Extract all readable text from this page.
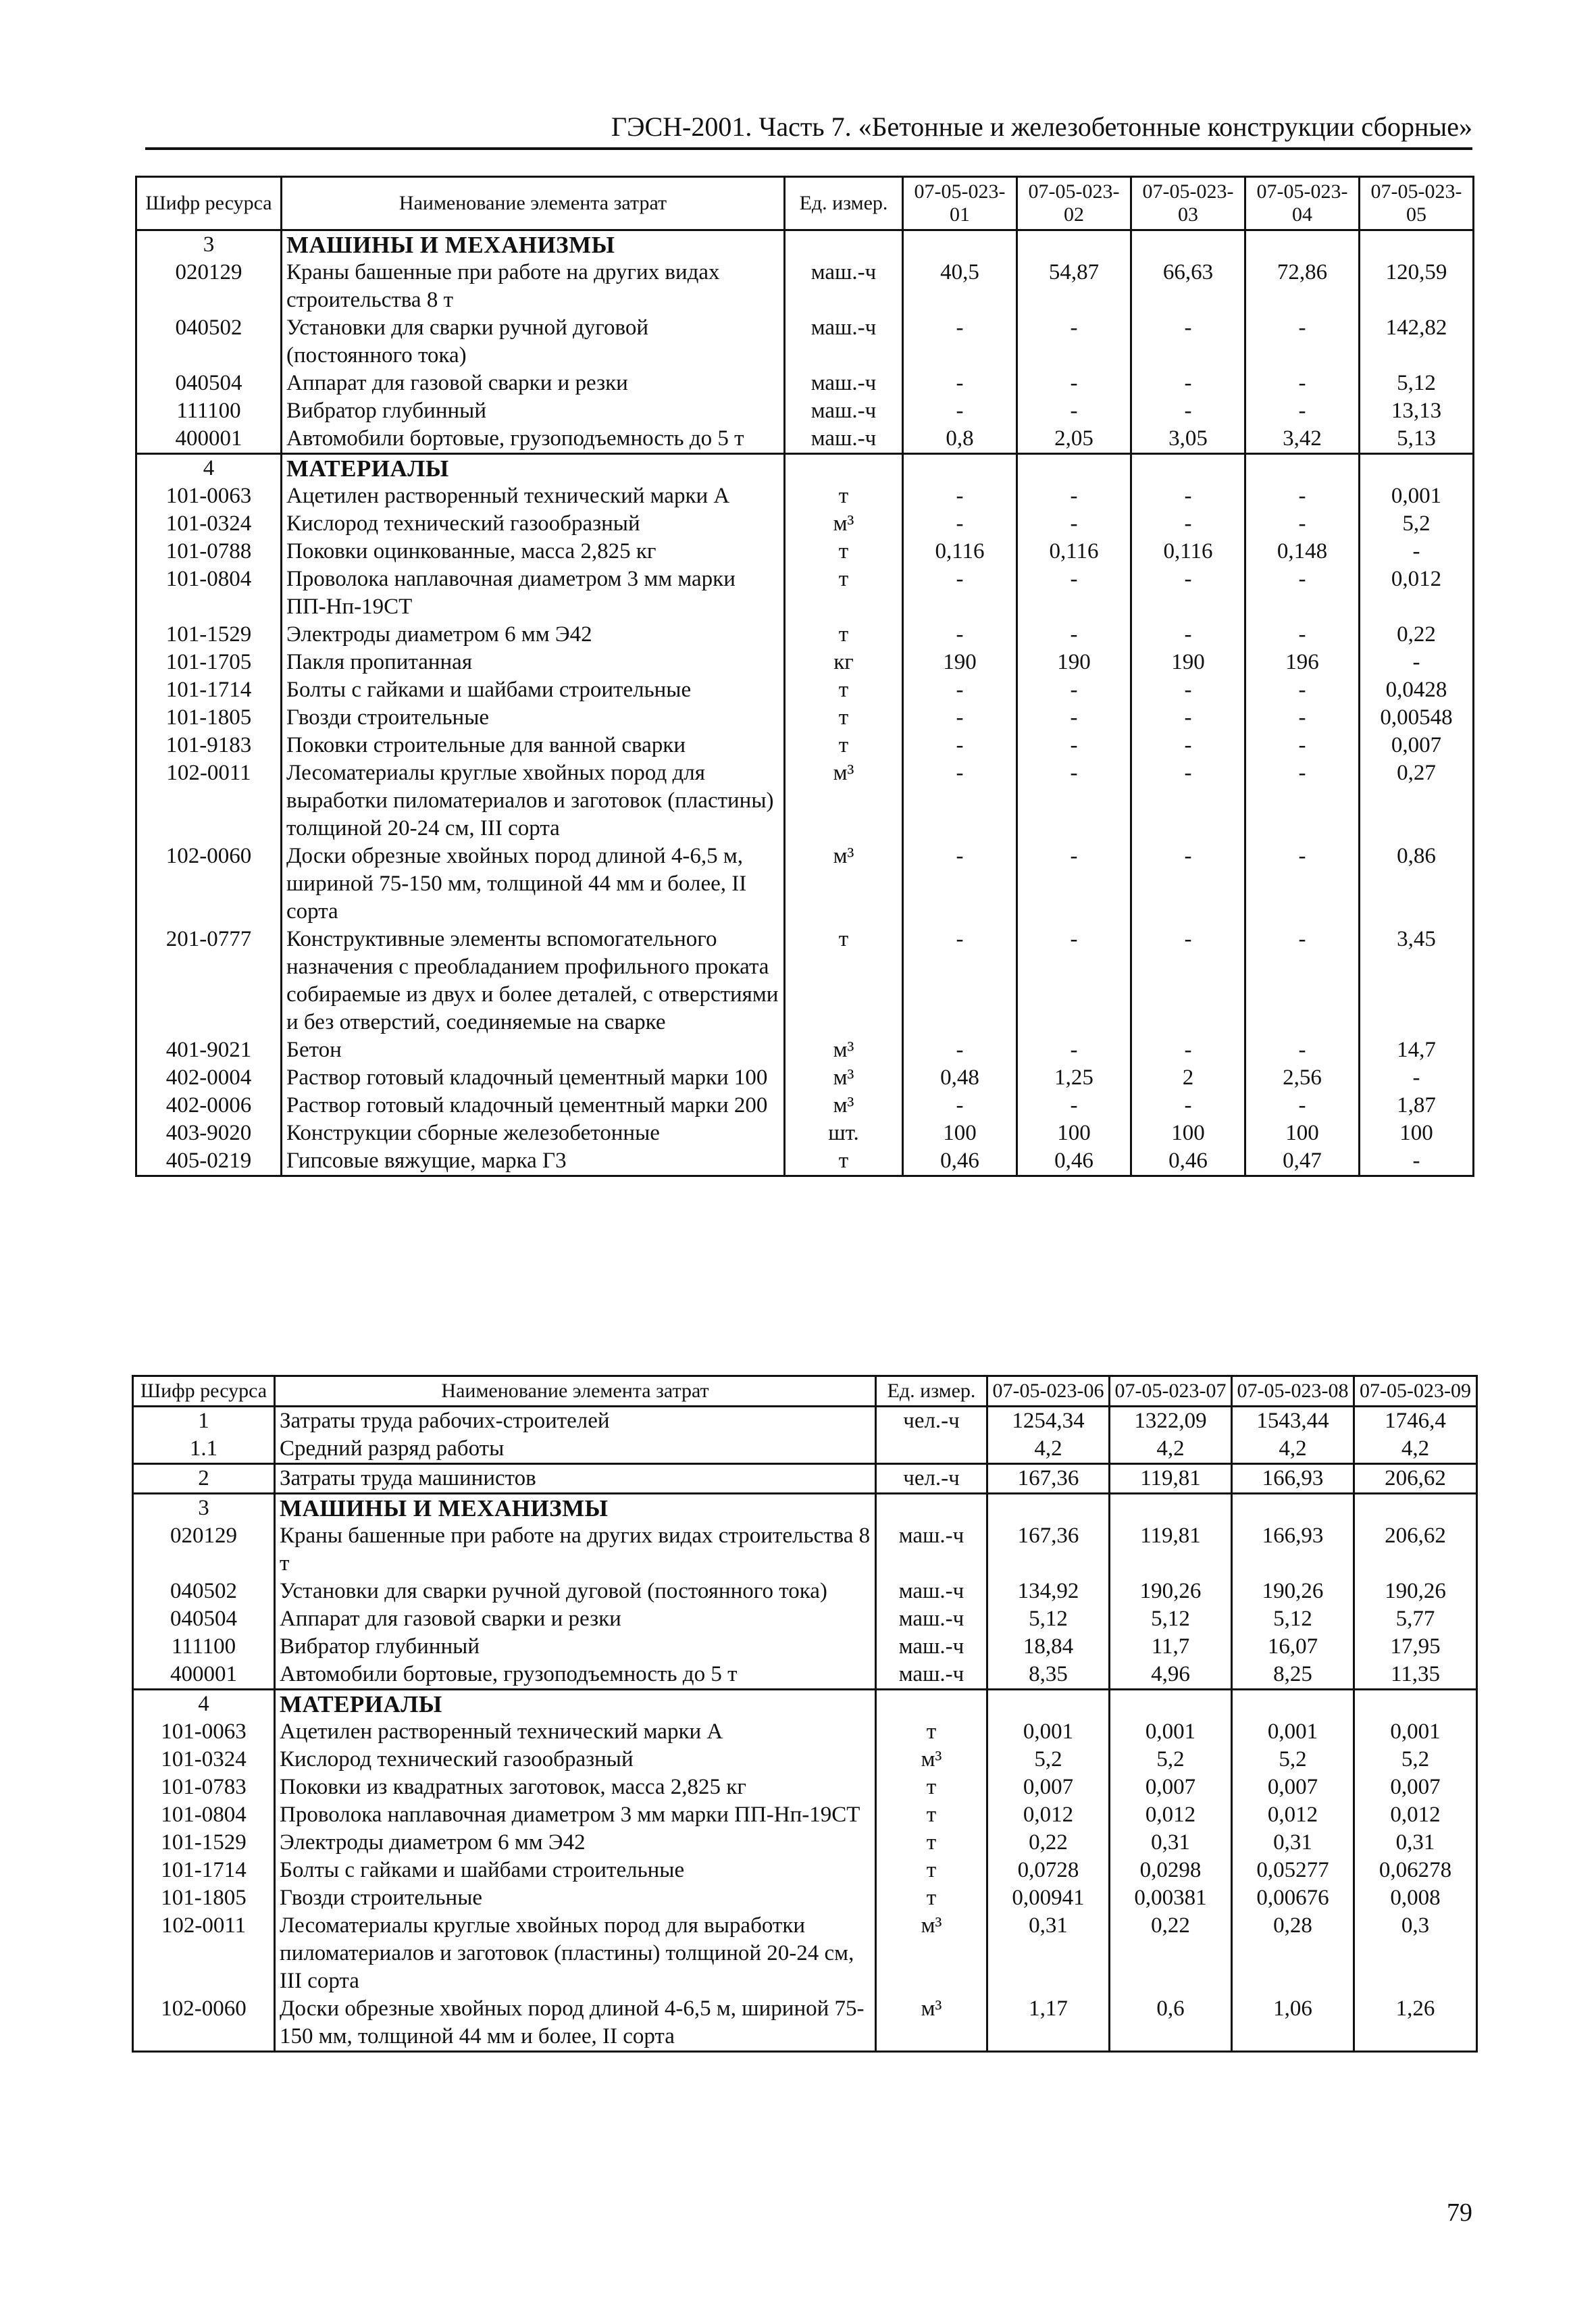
ГЭСН-2001. Часть 7. «Бетонные и железобетонные конструкции сборные»
Шифр ресурса	Наименование элемента затрат	Ед. измер.	07-05-023-01	07-05-023-02	07-05-023-03	07-05-023-04	07-05-023-05
3	МАШИНЫ И МЕХАНИЗМЫ						
020129	Краны башенные при работе на других видах строительства 8 т	маш.-ч	40,5	54,87	66,63	72,86	120,59
040502	Установки для сварки ручной дуговой (постоянного тока)	маш.-ч	-	-	-	-	142,82
040504	Аппарат для газовой сварки и резки	маш.-ч	-	-	-	-	5,12
111100	Вибратор глубинный	маш.-ч	-	-	-	-	13,13
400001	Автомобили бортовые, грузоподъемность до 5 т	маш.-ч	0,8	2,05	3,05	3,42	5,13
4	МАТЕРИАЛЫ						
101-0063	Ацетилен растворенный технический марки А	т	-	-	-	-	0,001
101-0324	Кислород технический газообразный	м³	-	-	-	-	5,2
101-0788	Поковки оцинкованные, масса 2,825 кг	т	0,116	0,116	0,116	0,148	-
101-0804	Проволока наплавочная диаметром 3 мм марки ПП-Нп-19СТ	т	-	-	-	-	0,012
101-1529	Электроды диаметром 6 мм Э42	т	-	-	-	-	0,22
101-1705	Пакля пропитанная	кг	190	190	190	196	-
101-1714	Болты с гайками и шайбами строительные	т	-	-	-	-	0,0428
101-1805	Гвозди строительные	т	-	-	-	-	0,00548
101-9183	Поковки строительные для ванной сварки	т	-	-	-	-	0,007
102-0011	Лесоматериалы круглые хвойных пород для выработки пиломатериалов и заготовок (пластины) толщиной 20-24 см, III сорта	м³	-	-	-	-	0,27
102-0060	Доски обрезные хвойных пород длиной 4-6,5 м, шириной 75-150 мм, толщиной 44 мм и более, II сорта	м³	-	-	-	-	0,86
201-0777	Конструктивные элементы вспомогательного назначения с преобладанием профильного проката собираемые из двух и более деталей, с отверстиями и без отверстий, соединяемые на сварке	т	-	-	-	-	3,45
401-9021	Бетон	м³	-	-	-	-	14,7
402-0004	Раствор готовый кладочный цементный марки 100	м³	0,48	1,25	2	2,56	-
402-0006	Раствор готовый кладочный цементный марки 200	м³	-	-	-	-	1,87
403-9020	Конструкции сборные железобетонные	шт.	100	100	100	100	100
405-0219	Гипсовые вяжущие, марка Г3	т	0,46	0,46	0,46	0,47	-
Шифр ресурса	Наименование элемента затрат	Ед. измер.	07-05-023-06	07-05-023-07	07-05-023-08	07-05-023-09
1	Затраты труда рабочих-строителей	чел.-ч	1254,34	1322,09	1543,44	1746,4
1.1	Средний разряд работы		4,2	4,2	4,2	4,2
2	Затраты труда машинистов	чел.-ч	167,36	119,81	166,93	206,62
3	МАШИНЫ И МЕХАНИЗМЫ					
020129	Краны башенные при работе на других видах строительства 8 т	маш.-ч	167,36	119,81	166,93	206,62
040502	Установки для сварки ручной дуговой (постоянного тока)	маш.-ч	134,92	190,26	190,26	190,26
040504	Аппарат для газовой сварки и резки	маш.-ч	5,12	5,12	5,12	5,77
111100	Вибратор глубинный	маш.-ч	18,84	11,7	16,07	17,95
400001	Автомобили бортовые, грузоподъемность до 5 т	маш.-ч	8,35	4,96	8,25	11,35
4	МАТЕРИАЛЫ					
101-0063	Ацетилен растворенный технический марки А	т	0,001	0,001	0,001	0,001
101-0324	Кислород технический газообразный	м³	5,2	5,2	5,2	5,2
101-0783	Поковки из квадратных заготовок, масса 2,825 кг	т	0,007	0,007	0,007	0,007
101-0804	Проволока наплавочная диаметром 3 мм марки ПП-Нп-19СТ	т	0,012	0,012	0,012	0,012
101-1529	Электроды диаметром 6 мм Э42	т	0,22	0,31	0,31	0,31
101-1714	Болты с гайками и шайбами строительные	т	0,0728	0,0298	0,05277	0,06278
101-1805	Гвозди строительные	т	0,00941	0,00381	0,00676	0,008
102-0011	Лесоматериалы круглые хвойных пород для выработки пиломатериалов и заготовок (пластины) толщиной 20-24 см, III сорта	м³	0,31	0,22	0,28	0,3
102-0060	Доски обрезные хвойных пород длиной 4-6,5 м, шириной 75-150 мм, толщиной 44 мм и более, II сорта	м³	1,17	0,6	1,06	1,26
79
